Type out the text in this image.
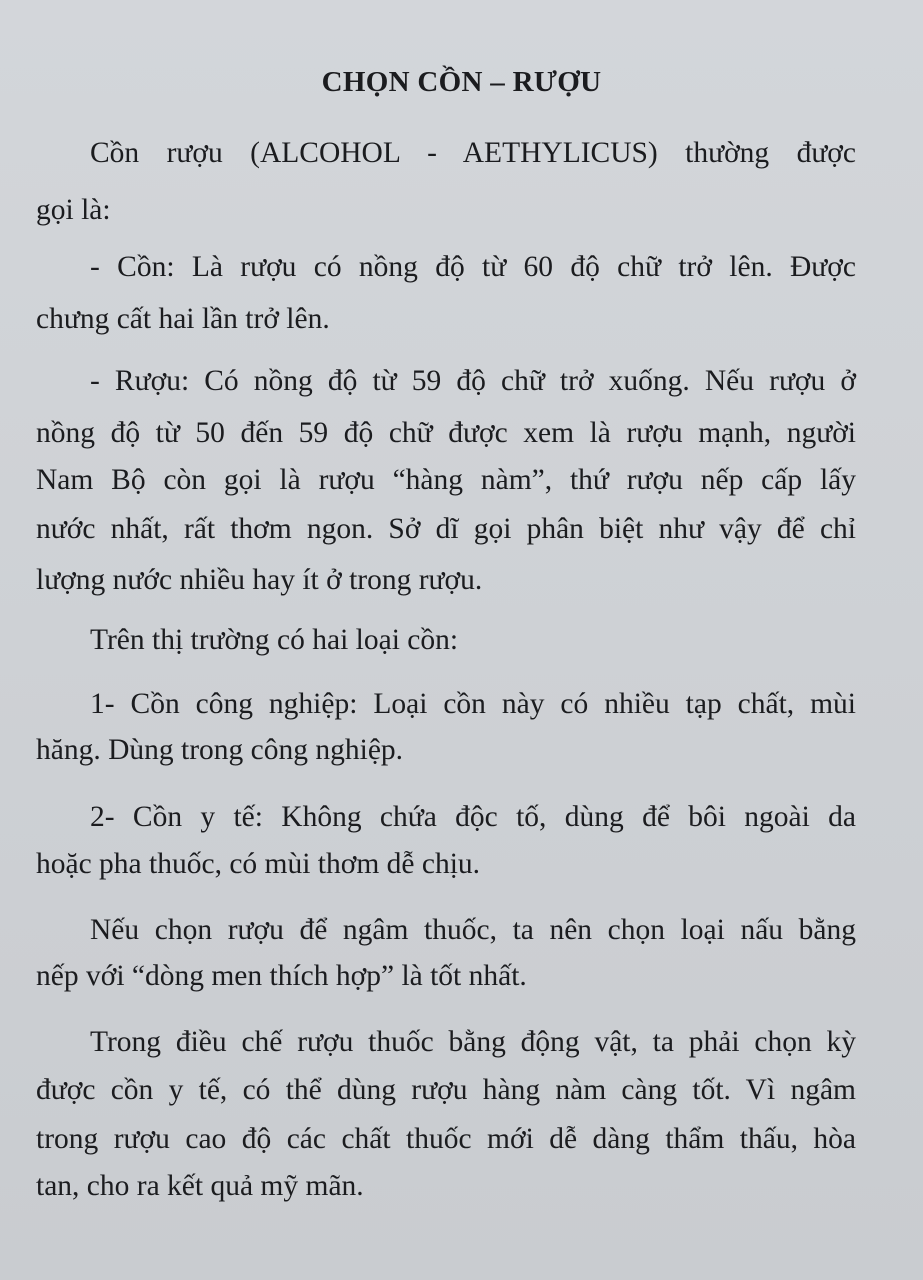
CHỌN CỒN – RƯỢU
Cồn rượu (ALCOHOL - AETHYLICUS) thường được
gọi là:
- Cồn: Là rượu có nồng độ từ 60 độ chữ trở lên. Được
chưng cất hai lần trở lên.
- Rượu: Có nồng độ từ 59 độ chữ trở xuống. Nếu rượu ở
nồng độ từ 50 đến 59 độ chữ được xem là rượu mạnh, người
Nam Bộ còn gọi là rượu “hàng nàm”, thứ rượu nếp cấp lấy
nước nhất, rất thơm ngon. Sở dĩ gọi phân biệt như vậy để chỉ
lượng nước nhiều hay ít ở trong rượu.
Trên thị trường có hai loại cồn:
1- Cồn công nghiệp: Loại cồn này có nhiều tạp chất, mùi
hăng. Dùng trong công nghiệp.
2- Cồn y tế: Không chứa độc tố, dùng để bôi ngoài da
hoặc pha thuốc, có mùi thơm dễ chịu.
Nếu chọn rượu để ngâm thuốc, ta nên chọn loại nấu bằng
nếp với “dòng men thích hợp” là tốt nhất.
Trong điều chế rượu thuốc bằng động vật, ta phải chọn kỳ
được cồn y tế, có thể dùng rượu hàng nàm càng tốt. Vì ngâm
trong rượu cao độ các chất thuốc mới dễ dàng thẩm thấu, hòa
tan, cho ra kết quả mỹ mãn.
